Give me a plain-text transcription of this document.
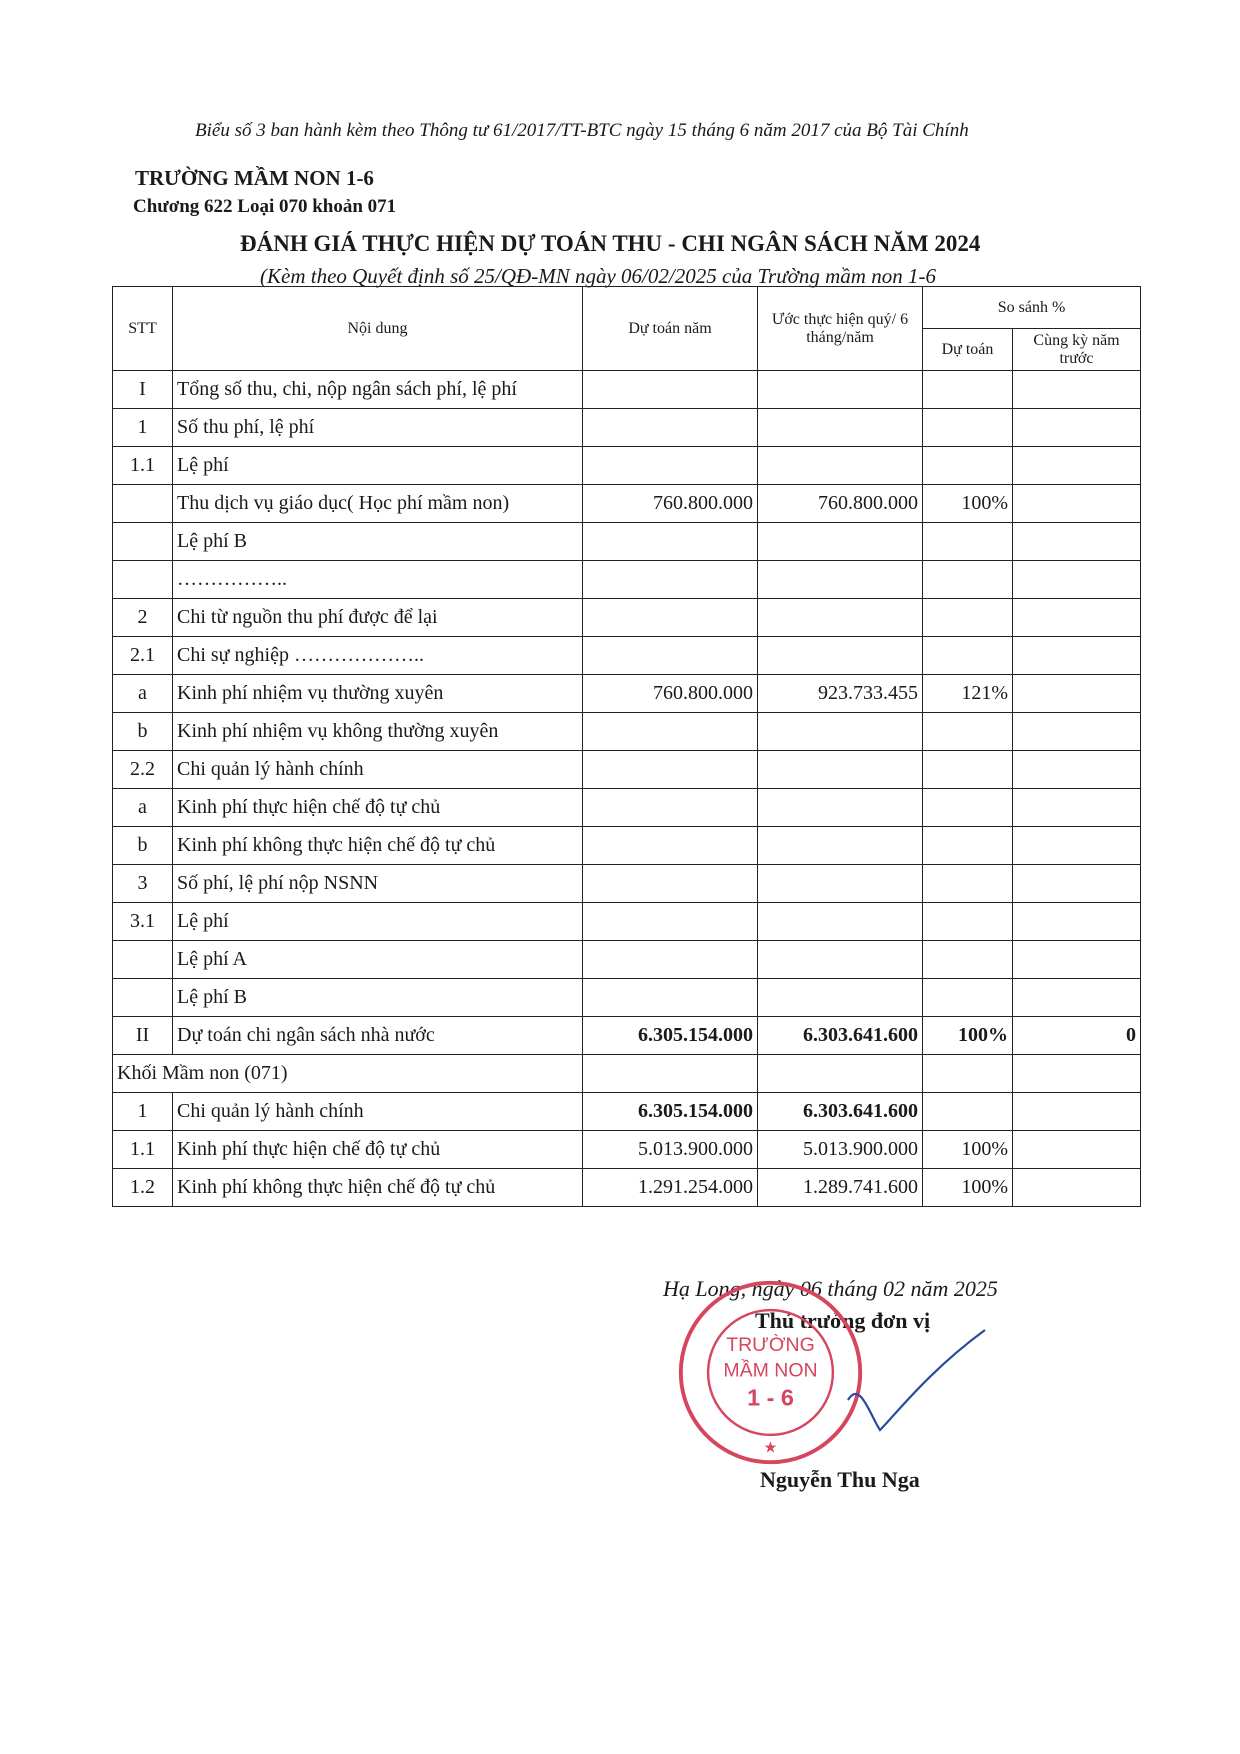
Biểu số 3 ban hành kèm theo Thông tư 61/2017/TT-BTC ngày 15 tháng 6 năm 2017 của Bộ Tài Chính
TRƯỜNG MẦM NON 1-6
Chương 622 Loại 070 khoản 071
ĐÁNH GIÁ THỰC HIỆN DỰ TOÁN THU - CHI NGÂN SÁCH NĂM 2024
(Kèm theo Quyết định số 25/QĐ-MN ngày 06/02/2025 của Trường mầm non 1-6
STT	Nội dung	Dự toán năm	Ước thực hiện quý/ 6 tháng/năm	So sánh %	
				Dự toán	Cùng kỳ năm trước
I	Tổng số thu, chi, nộp ngân sách phí, lệ phí				
1	Số thu phí, lệ phí				
1.1	Lệ phí				
	Thu dịch vụ giáo dục( Học phí mầm non)	760.800.000	760.800.000	100%	
	Lệ phí B				
	……………..				
2	Chi từ nguồn thu phí được để lại				
2.1	Chi sự nghiệp ………………..				
a	Kinh phí nhiệm vụ thường xuyên	760.800.000	923.733.455	121%	
b	Kinh phí nhiệm vụ không thường xuyên				
2.2	Chi quản lý hành chính				
a	Kinh phí thực hiện chế độ tự chủ				
b	Kinh phí không thực hiện chế độ tự chủ				
3	Số phí, lệ phí nộp NSNN				
3.1	Lệ phí				
	Lệ phí A				
	Lệ phí B				
II	Dự toán chi ngân sách nhà nước	6.305.154.000	6.303.641.600	100%	0
Khối Mầm non (071)					
1	Chi quản lý hành chính	6.305.154.000	6.303.641.600		
1.1	Kinh phí thực hiện chế độ tự chủ	5.013.900.000	5.013.900.000	100%	
1.2	Kinh phí không thực hiện chế độ tự chủ	1.291.254.000	1.289.741.600	100%	
Hạ Long, ngày 06 tháng 02 năm 2025
Thủ trưởng đơn vị
TRƯỜNG
MẦM NON
1 - 6
★
Nguyễn Thu Nga
